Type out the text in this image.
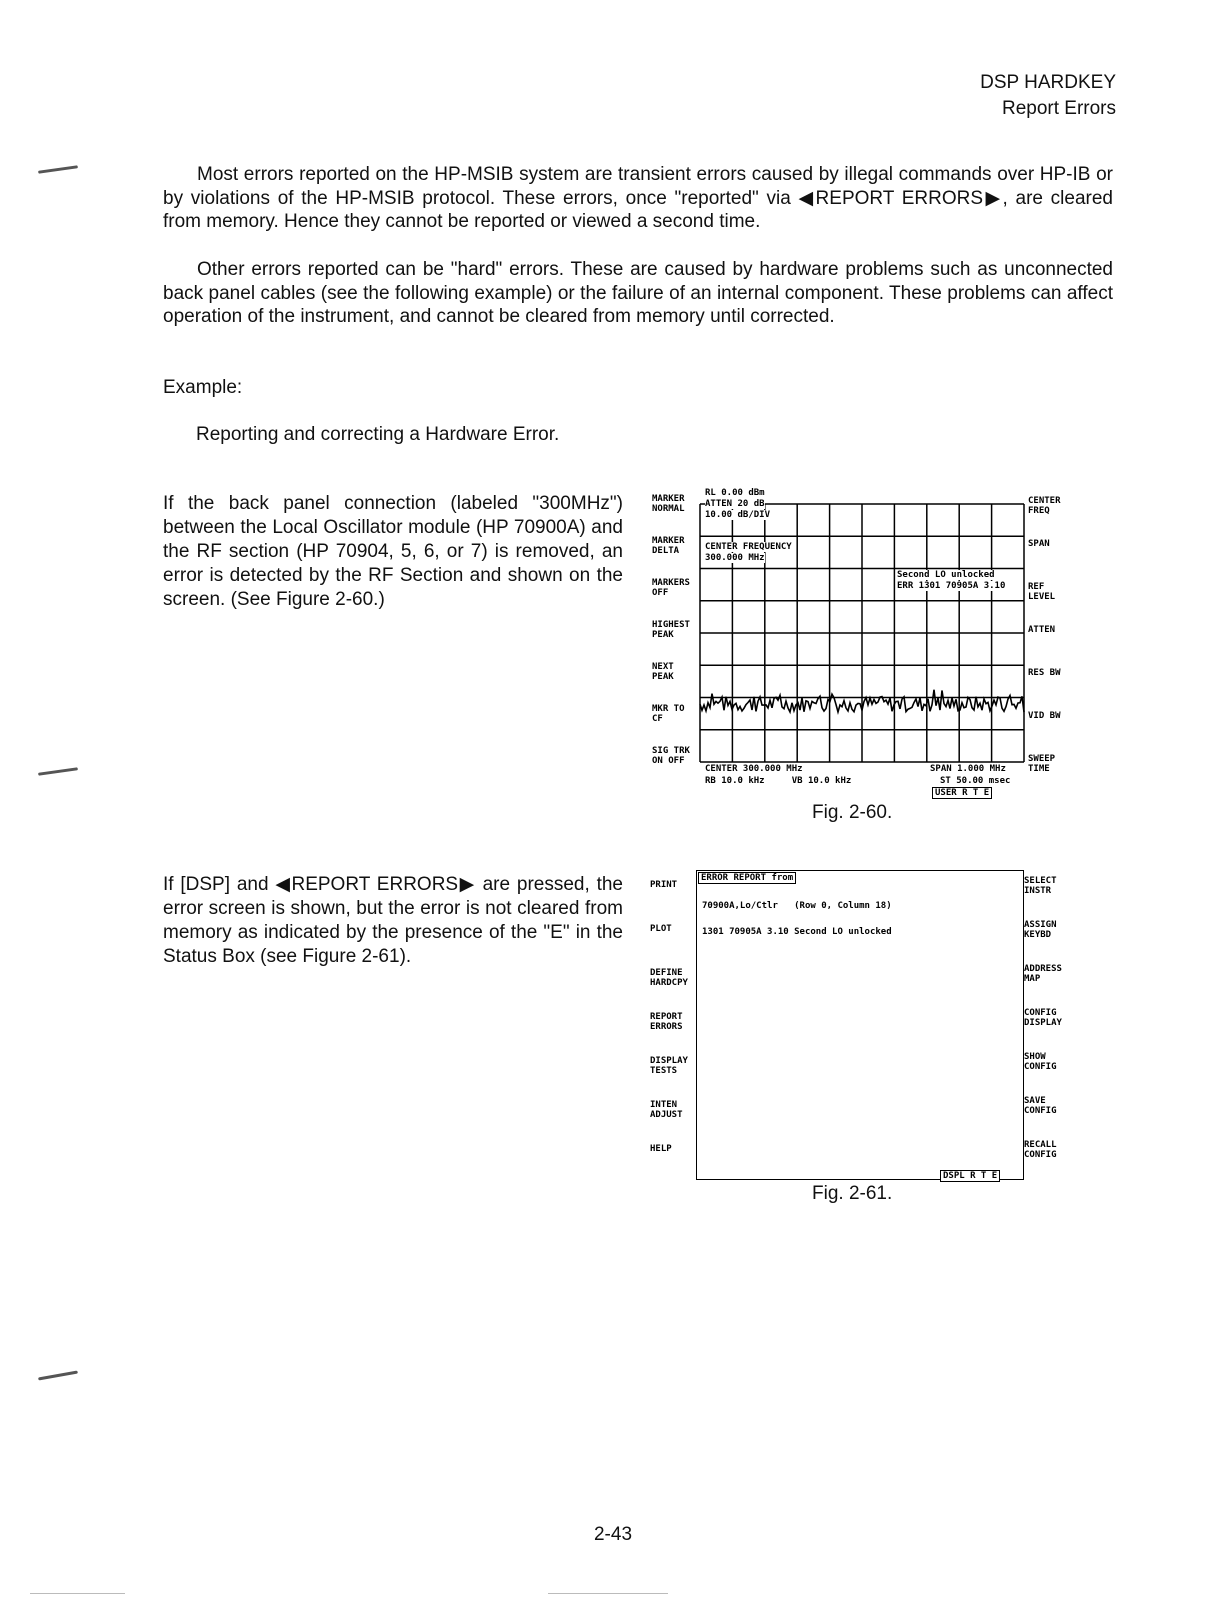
DSP HARDKEY
Report Errors
Most errors reported on the HP-MSIB system are transient errors caused by illegal commands over HP-IB or by violations of the HP-MSIB protocol. These errors, once "reported" via ◀REPORT ERRORS▶, are cleared from memory. Hence they cannot be reported or viewed a second time.
Other errors reported can be "hard" errors. These are caused by hardware problems such as unconnected back panel cables (see the following example) or the failure of an internal component. These problems can affect operation of the instrument, and cannot be cleared from memory until corrected.
Example:
Reporting and correcting a Hardware Error.
If the back panel connection (labeled "300MHz") between the Local Oscillator module (HP 70900A) and the RF section (HP 70904, 5, 6, or 7) is removed, an error is detected by the RF Section and shown on the screen. (See Figure 2-60.)
If [DSP] and ◀REPORT ERRORS▶ are pressed, the error screen is shown, but the error is not cleared from memory as indicated by the presence of the "E" in the Status Box (see Figure 2-61).
MARKER
NORMAL
MARKER
DELTA
MARKERS
OFF
HIGHEST
PEAK
NEXT
PEAK
MKR TO
CF
SIG TRK
ON OFF
CENTER
FREQ
SPAN
REF
LEVEL
ATTEN
RES BW
VID BW
SWEEP
TIME
RL 0.00 dBm
ATTEN 20 dB
10.00 dB/DIV
CENTER FREQUENCY
300.000 MHz
Second LO unlocked
ERR 1301 70905A 3.10
CENTER 300.000 MHz
RB 10.0 kHz     VB 10.0 kHz
SPAN 1.000 MHz
ST 50.00 msec
USER R T E
Fig. 2-60.
PRINT
PLOT
DEFINE
HARDCPY
REPORT
ERRORS
DISPLAY
TESTS
INTEN
ADJUST
HELP
SELECT
INSTR
ASSIGN
KEYBD
ADDRESS
MAP
CONFIG
DISPLAY
SHOW
CONFIG
SAVE
CONFIG
RECALL
CONFIG
ERROR REPORT from
70900A,Lo/Ctlr   (Row 0, Column 18)
1301 70905A 3.10 Second LO unlocked
DSPL R T E
Fig. 2-61.
2-43
